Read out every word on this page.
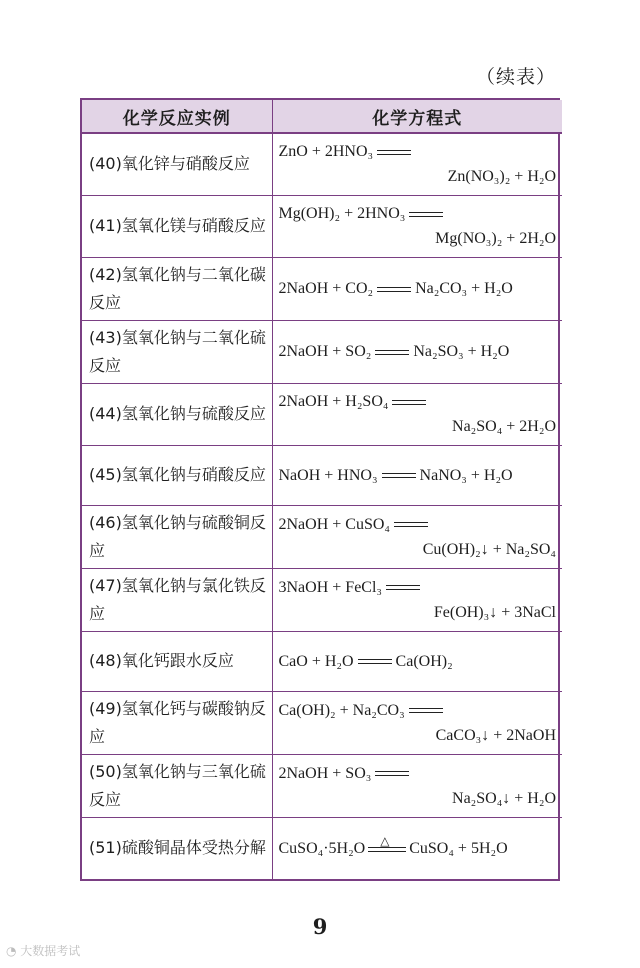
（续表）
化学反应实例	化学方程式
(40)氧化锌与硝酸反应	ZnO + 2HNO₃
Zn(NO₃)₂ + H₂O

(41)氢氧化镁与硝酸反应	Mg(OH)₂ + 2HNO₃
Mg(NO₃)₂ + 2H₂O

(42)氢氧化钠与二氧化碳反应	2NaOH + CO₂ Na₂CO₃ + H₂O

(43)氢氧化钠与二氧化硫反应	2NaOH + SO₂ Na₂SO₃ + H₂O

(44)氢氧化钠与硫酸反应	2NaOH + H₂SO₄
Na₂SO₄ + 2H₂O

(45)氢氧化钠与硝酸反应	NaOH + HNO₃ NaNO₃ + H₂O

(46)氢氧化钠与硫酸铜反应	2NaOH + CuSO₄
Cu(OH)₂↓ + Na₂SO₄

(47)氢氧化钠与氯化铁反应	3NaOH + FeCl₃
Fe(OH)₃↓ + 3NaCl

(48)氧化钙跟水反应	CaO + H₂O Ca(OH)₂

(49)氢氧化钙与碳酸钠反应	Ca(OH)₂ + Na₂CO₃
CaCO₃↓ + 2NaOH

(50)氢氧化钠与三氧化硫反应	2NaOH + SO₃
Na₂SO₄↓ + H₂O

(51)硫酸铜晶体受热分解	CuSO₄·5H₂O △ CuSO₄ + 5H₂O
9
◔ 大数据考试
